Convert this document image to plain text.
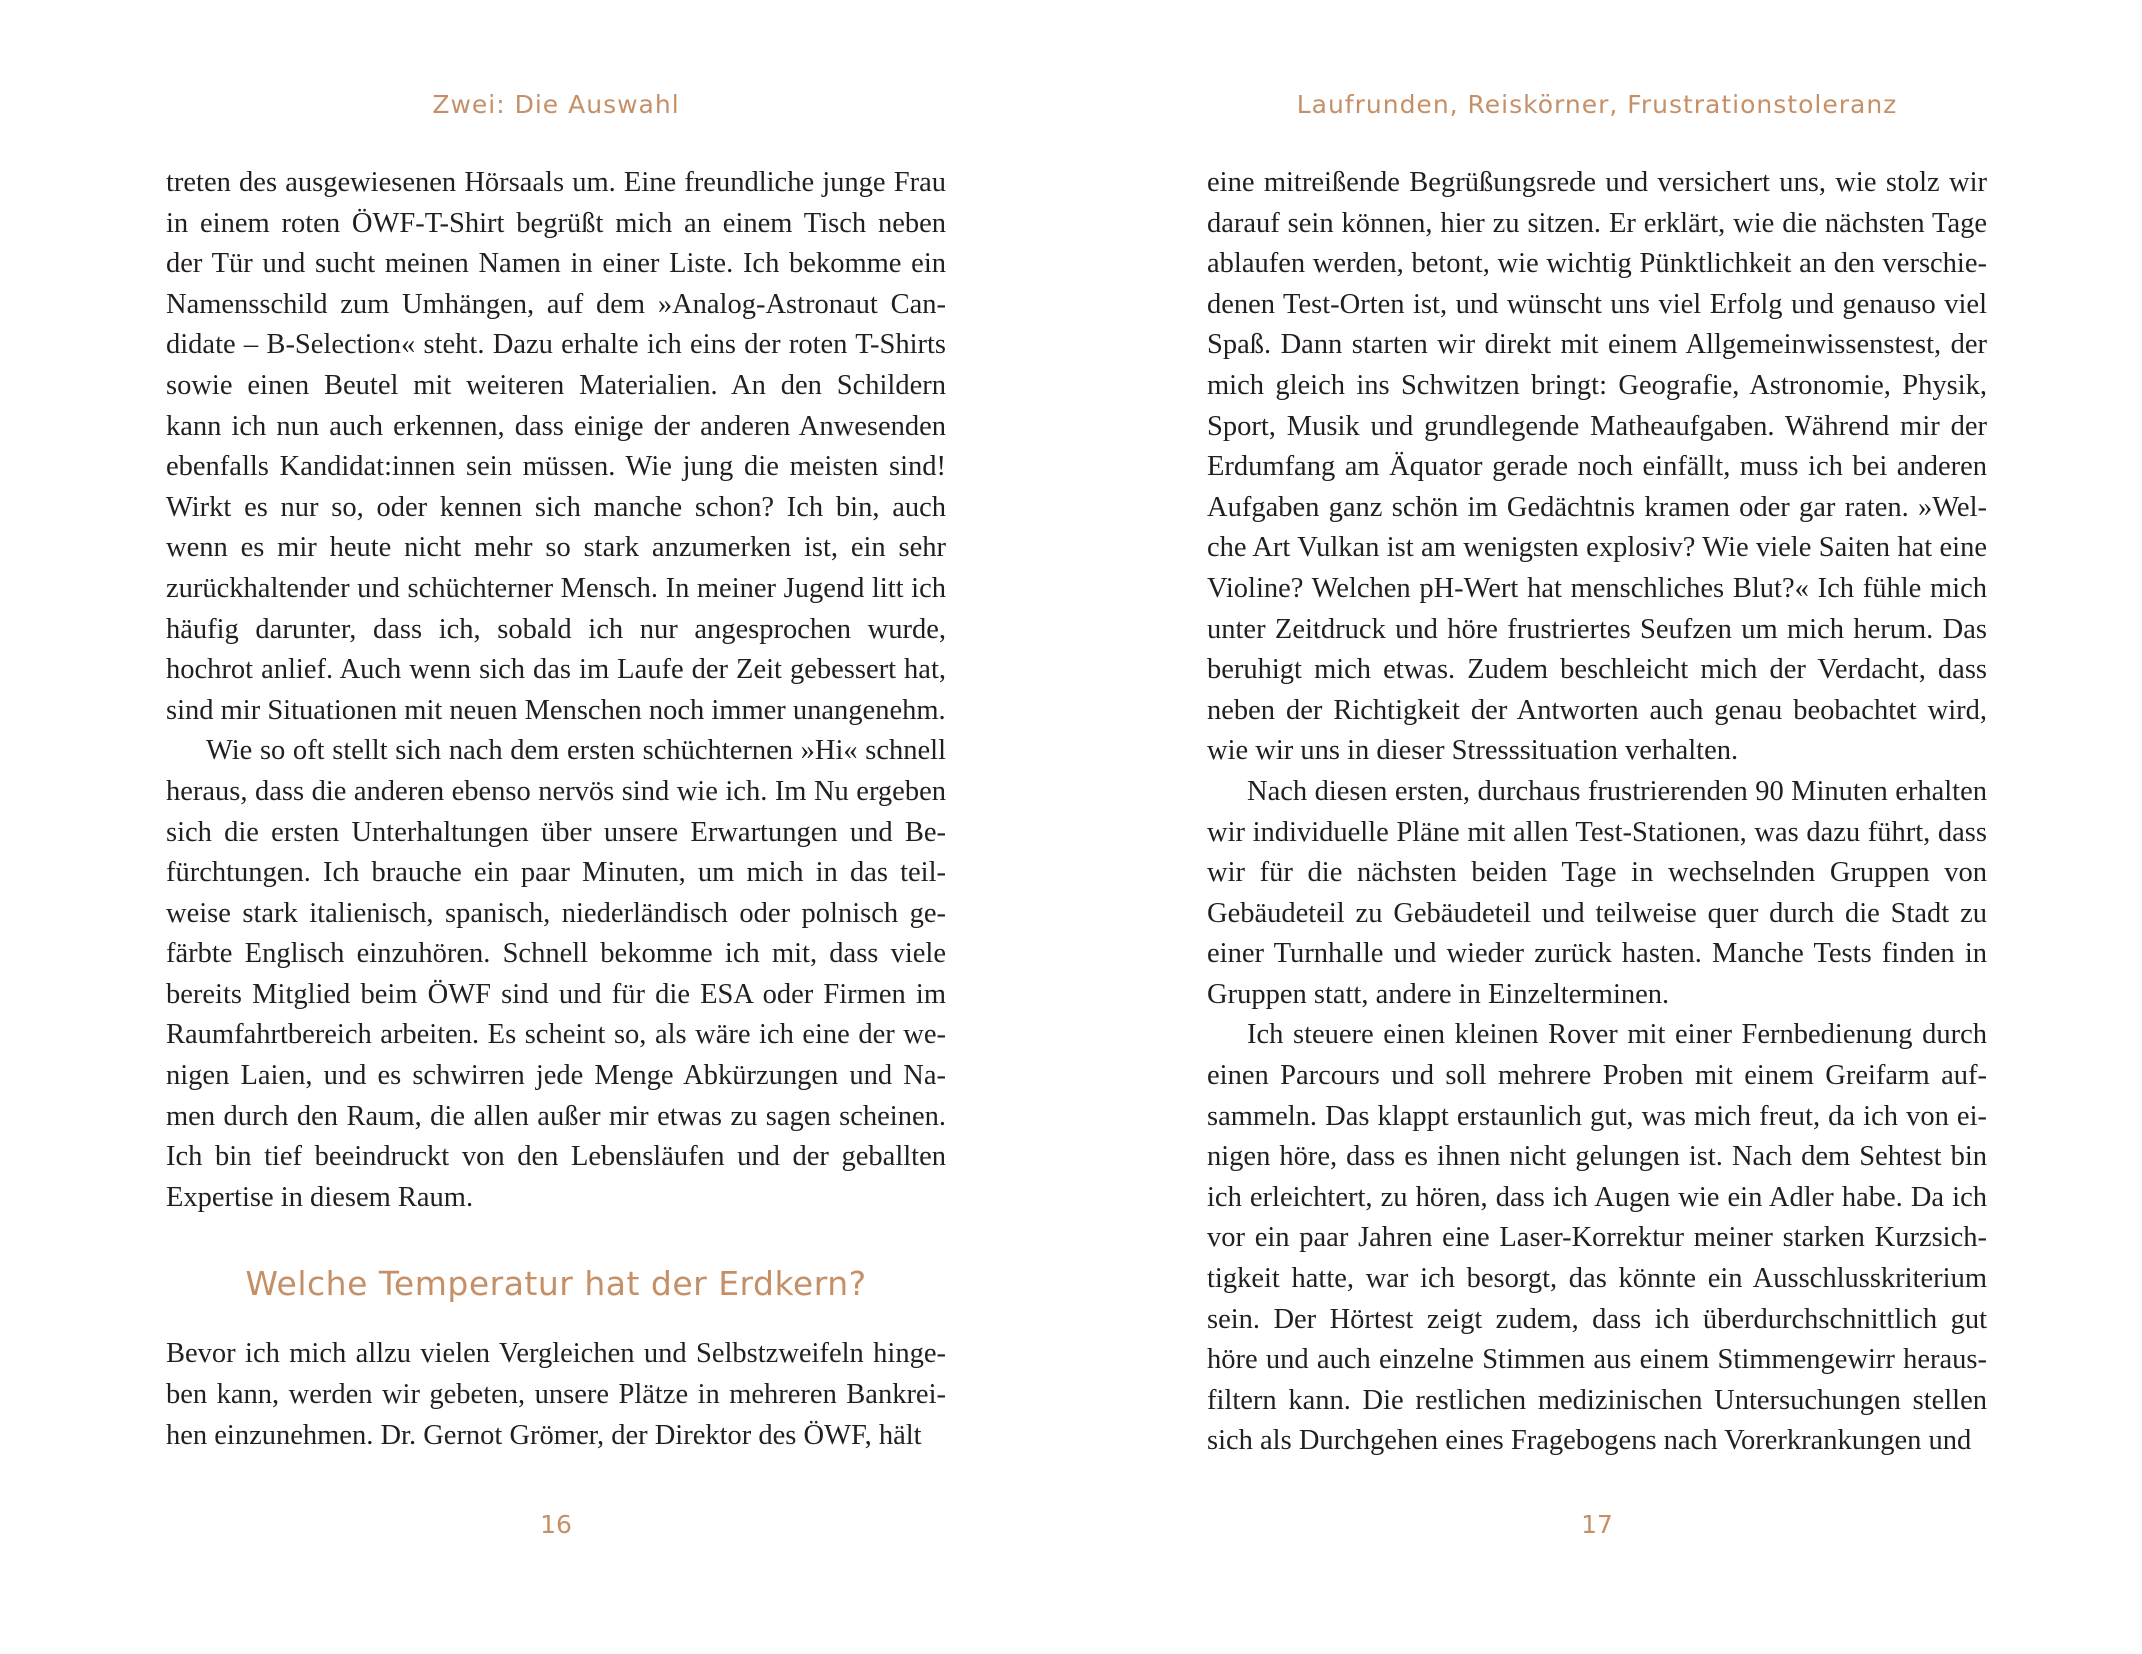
Zwei: Die Auswahl

treten des ausgewiesenen Hörsaals um. Eine freundliche junge Frau in einem roten ÖWF-T-Shirt begrüßt mich an einem Tisch neben der Tür und sucht meinen Namen in einer Liste. Ich bekomme ein Namensschild zum Umhängen, auf dem »Analog-Astronaut Candidate – B-Selection« steht. Dazu erhalte ich eins der roten T-Shirts sowie einen Beutel mit weiteren Materialien. An den Schildern kann ich nun auch erkennen, dass einige der anderen Anwesenden ebenfalls Kandidat:innen sein müssen. Wie jung die meisten sind! Wirkt es nur so, oder kennen sich manche schon? Ich bin, auch wenn es mir heute nicht mehr so stark anzumerken ist, ein sehr zurückhaltender und schüchterner Mensch. In meiner Jugend litt ich häufig darunter, dass ich, sobald ich nur angesprochen wurde, hochrot anlief. Auch wenn sich das im Laufe der Zeit gebessert hat, sind mir Situationen mit neuen Menschen noch immer unangenehm.

Wie so oft stellt sich nach dem ersten schüchternen »Hi« schnell heraus, dass die anderen ebenso nervös sind wie ich. Im Nu ergeben sich die ersten Unterhaltungen über unsere Erwartungen und Befürchtungen. Ich brauche ein paar Minuten, um mich in das teilweise stark italienisch, spanisch, niederländisch oder polnisch gefärbte Englisch einzuhören. Schnell bekomme ich mit, dass viele bereits Mitglied beim ÖWF sind und für die ESA oder Firmen im Raumfahrtbereich arbeiten. Es scheint so, als wäre ich eine der wenigen Laien, und es schwirren jede Menge Abkürzungen und Namen durch den Raum, die allen außer mir etwas zu sagen scheinen. Ich bin tief beeindruckt von den Lebensläufen und der geballten Expertise in diesem Raum.

Welche Temperatur hat der Erdkern?

Bevor ich mich allzu vielen Vergleichen und Selbstzweifeln hingeben kann, werden wir gebeten, unsere Plätze in mehreren Bankreihen einzunehmen. Dr. Gernot Grömer, der Direktor des ÖWF, hält

16
Laufrunden, Reiskörner, Frustrationstoleranz

eine mitreißende Begrüßungsrede und versichert uns, wie stolz wir darauf sein können, hier zu sitzen. Er erklärt, wie die nächsten Tage ablaufen werden, betont, wie wichtig Pünktlichkeit an den verschiedenen Test-Orten ist, und wünscht uns viel Erfolg und genauso viel Spaß. Dann starten wir direkt mit einem Allgemeinwissenstest, der mich gleich ins Schwitzen bringt: Geografie, Astronomie, Physik, Sport, Musik und grundlegende Matheaufgaben. Während mir der Erdumfang am Äquator gerade noch einfällt, muss ich bei anderen Aufgaben ganz schön im Gedächtnis kramen oder gar raten. »Welche Art Vulkan ist am wenigsten explosiv? Wie viele Saiten hat eine Violine? Welchen pH-Wert hat menschliches Blut?« Ich fühle mich unter Zeitdruck und höre frustriertes Seufzen um mich herum. Das beruhigt mich etwas. Zudem beschleicht mich der Verdacht, dass neben der Richtigkeit der Antworten auch genau beobachtet wird, wie wir uns in dieser Stresssituation verhalten.

Nach diesen ersten, durchaus frustrierenden 90 Minuten erhalten wir individuelle Pläne mit allen Test-Stationen, was dazu führt, dass wir für die nächsten beiden Tage in wechselnden Gruppen von Gebäudeteil zu Gebäudeteil und teilweise quer durch die Stadt zu einer Turnhalle und wieder zurück hasten. Manche Tests finden in Gruppen statt, andere in Einzelterminen.

Ich steuere einen kleinen Rover mit einer Fernbedienung durch einen Parcours und soll mehrere Proben mit einem Greifarm aufsammeln. Das klappt erstaunlich gut, was mich freut, da ich von einigen höre, dass es ihnen nicht gelungen ist. Nach dem Sehtest bin ich erleichtert, zu hören, dass ich Augen wie ein Adler habe. Da ich vor ein paar Jahren eine Laser-Korrektur meiner starken Kurzsichtigkeit hatte, war ich besorgt, das könnte ein Ausschlusskriterium sein. Der Hörtest zeigt zudem, dass ich überdurchschnittlich gut höre und auch einzelne Stimmen aus einem Stimmengewirr herausfiltern kann. Die restlichen medizinischen Untersuchungen stellen sich als Durchgehen eines Fragebogens nach Vorerkrankungen und

17
